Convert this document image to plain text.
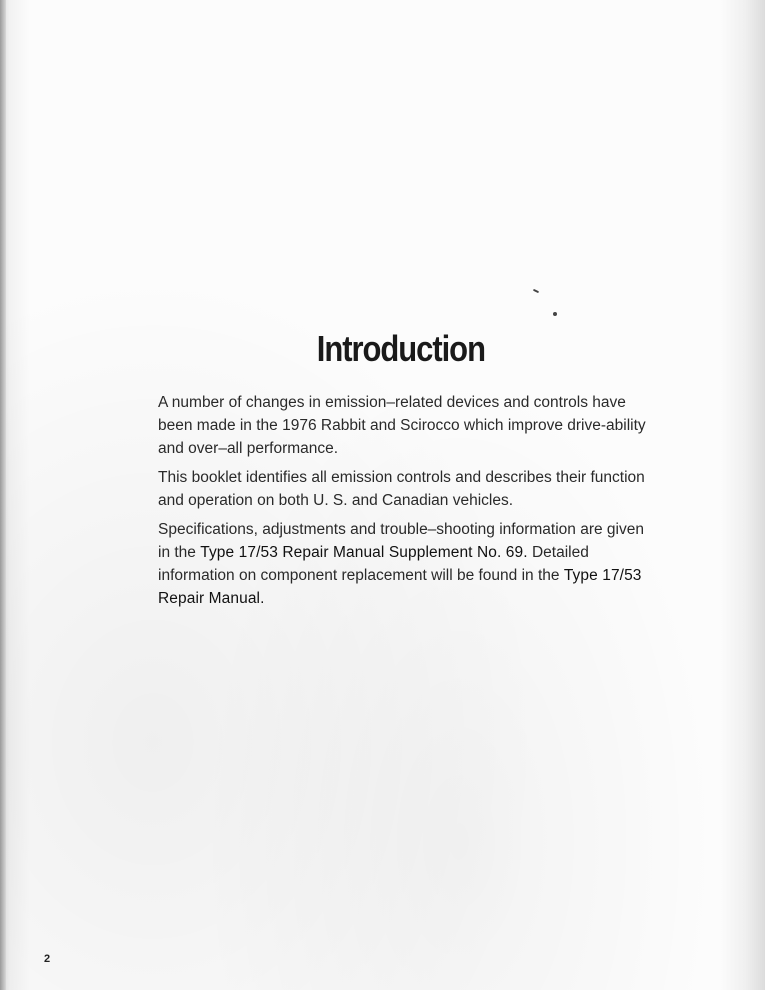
Introduction

A number of changes in emission–related devices and controls have been made in the 1976 Rabbit and Scirocco which improve drive-ability and over–all performance.

This booklet identifies all emission controls and describes their function and operation on both U. S. and Canadian vehicles.

Specifications, adjustments and trouble–shooting information are given in the Type 17/53 Repair Manual Supplement No. 69. Detailed information on component replacement will be found in the Type 17/53 Repair Manual.

2
